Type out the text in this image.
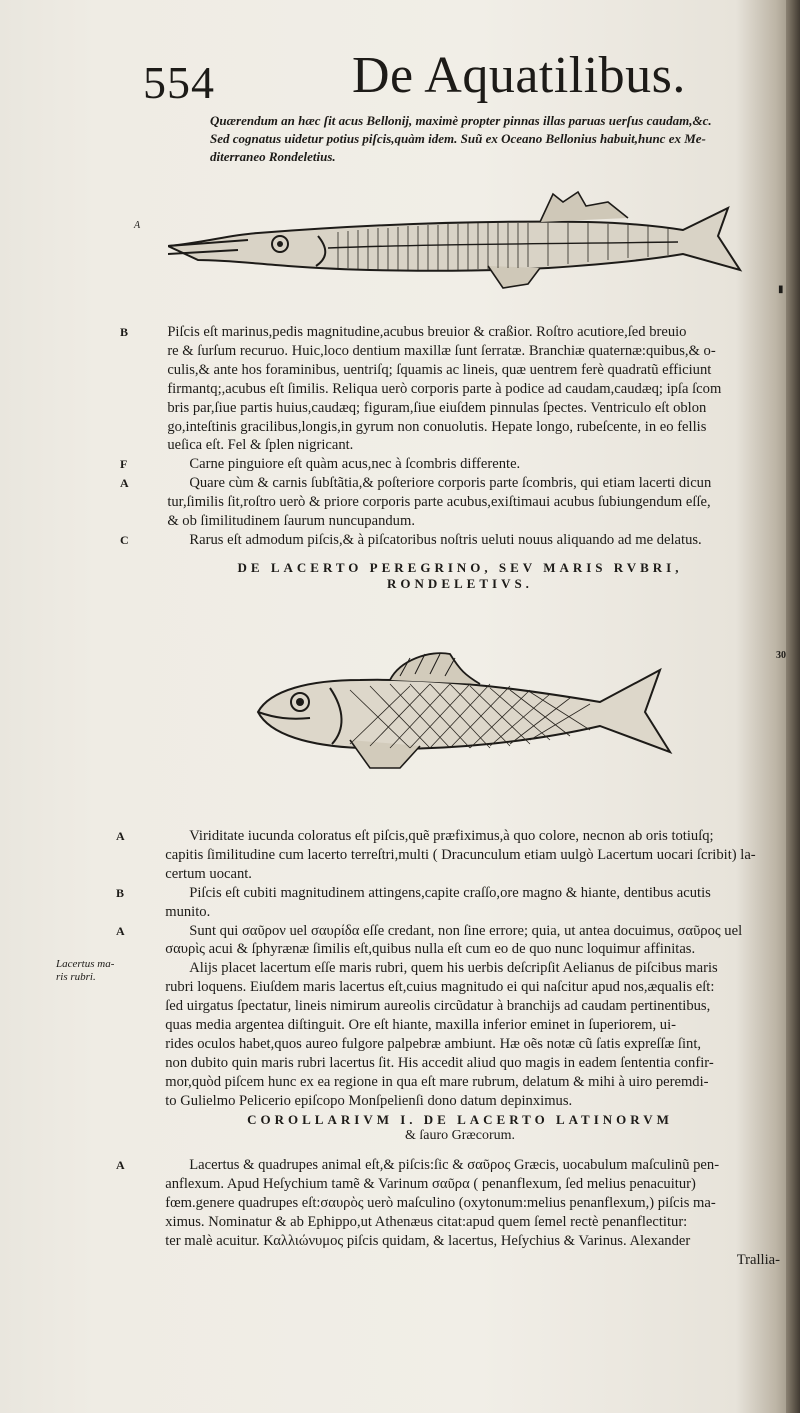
554	De Aquatilibus.
Quærendum an hæc ſit acus Bellonij, maximè propter pinnas illas paruas uerſus caudam,&c.
Sed cognatus uidetur potius piſcis,quàm idem. Suũ ex Oceano Bellonius habuit,hunc ex Me-
diterraneo Rondeletius.
A
▮
B	Piſcis eſt marinus,pedis magnitudine,acubus breuior & craßior. Roſtro acutiore,ſed breuio
re & ſurſum recuruo. Huic,loco dentium maxillæ ſunt ſerratæ. Branchiæ quaternæ:quibus,& o-
culis,& ante hos foraminibus, uentriſq; ſquamis ac lineis, quæ uentrem ferè quadratũ efficiunt
firmantq;,acubus eſt ſimilis. Reliqua uerò corporis parte à podice ad caudam,caudæq; ipſa ſcom
bris par,ſiue partis huius,caudæq; figuram,ſiue eiuſdem pinnulas ſpectes. Ventriculo eſt oblon
go,inteſtinis gracilibus,longis,in gyrum non conuolutis. Hepate longo, rubeſcente, in eo fellis
ueſica eſt. Fel & ſplen nigricant.
F	Carne pinguiore eſt quàm acus,nec à ſcombris differente.
A	Quare cùm & carnis ſubſtãtia,& poſteriore corporis parte ſcombris, qui etiam lacerti dicun
tur,ſimilis ſit,roſtro uerò & priore corporis parte acubus,exiſtimaui acubus ſubiungendum eſſe,
& ob ſimilitudinem ſaurum nuncupandum.
C	Rarus eſt admodum piſcis,& à piſcatoribus noſtris ueluti nouus aliquando ad me delatus.
DE LACERTO PEREGRINO, SEV MARIS RVBRI,
RONDELETIVS.
30
A	Viriditate iucunda coloratus eſt piſcis,quẽ præfiximus,à quo colore, necnon ab oris totiuſq;
capitis ſimilitudine cum lacerto terreſtri,multi ( Dracunculum etiam uulgò Lacertum uocari ſcribit) la-
certum uocant.
B	Piſcis eſt cubiti magnitudinem attingens,capite craſſo,ore magno & hiante, dentibus acutis
munito.
A	Sunt qui σαῦρον uel σαυρίδα eſſe credant, non ſine errore; quia, ut antea docuimus, σαῦρος uel
σαυρὶς acui & ſphyrænæ ſimilis eſt,quibus nulla eſt cum eo de quo nunc loquimur affinitas.
Alijs placet lacertum eſſe maris rubri, quem his uerbis deſcripſit Aelianus de piſcibus maris
rubri loquens. Eiuſdem maris lacertus eſt,cuius magnitudo ei qui naſcitur apud nos,æqualis eſt:
ſed uirgatus ſpectatur, lineis nimirum aureolis circũdatur à branchijs ad caudam pertinentibus,
quas media argentea diſtinguit. Ore eſt hiante, maxilla inferior eminet in ſuperiorem, ui-
rides oculos habet,quos aureo fulgore palpebræ ambiunt. Hæ oẽs notæ cũ ſatis expreſſæ ſint,
non dubito quin maris rubri lacertus ſit. His accedit aliud quo magis in eadem ſententia confir-
mor,quòd piſcem hunc ex ea regione in qua eſt mare rubrum, delatum & mihi à uiro peremdi-
to Gulielmo Pelicerio epiſcopo Monſpelienſi dono datum depinximus.
Lacertus ma-
ris rubri.
COROLLARIVM I. DE LACERTO LATINORVM
& ſauro Græcorum.
A	Lacertus & quadrupes animal eſt,& piſcis:ſic & σαῦρος Græcis, uocabulum maſculinũ pen-
anflexum. Apud Heſychium tamẽ & Varinum σαῦρα ( penanflexum, ſed melius penacuitur)
fœm.genere quadrupes eſt:σαυρὸς uerò maſculino (oxytonum:melius penanflexum,) piſcis ma-
ximus. Nominatur & ab Ephippo,ut Athenæus citat:apud quem ſemel rectè penanflectitur:
ter malè acuitur. Καλλιώνυμος piſcis quidam, & lacertus, Heſychius & Varinus. Alexander
Trallia-
